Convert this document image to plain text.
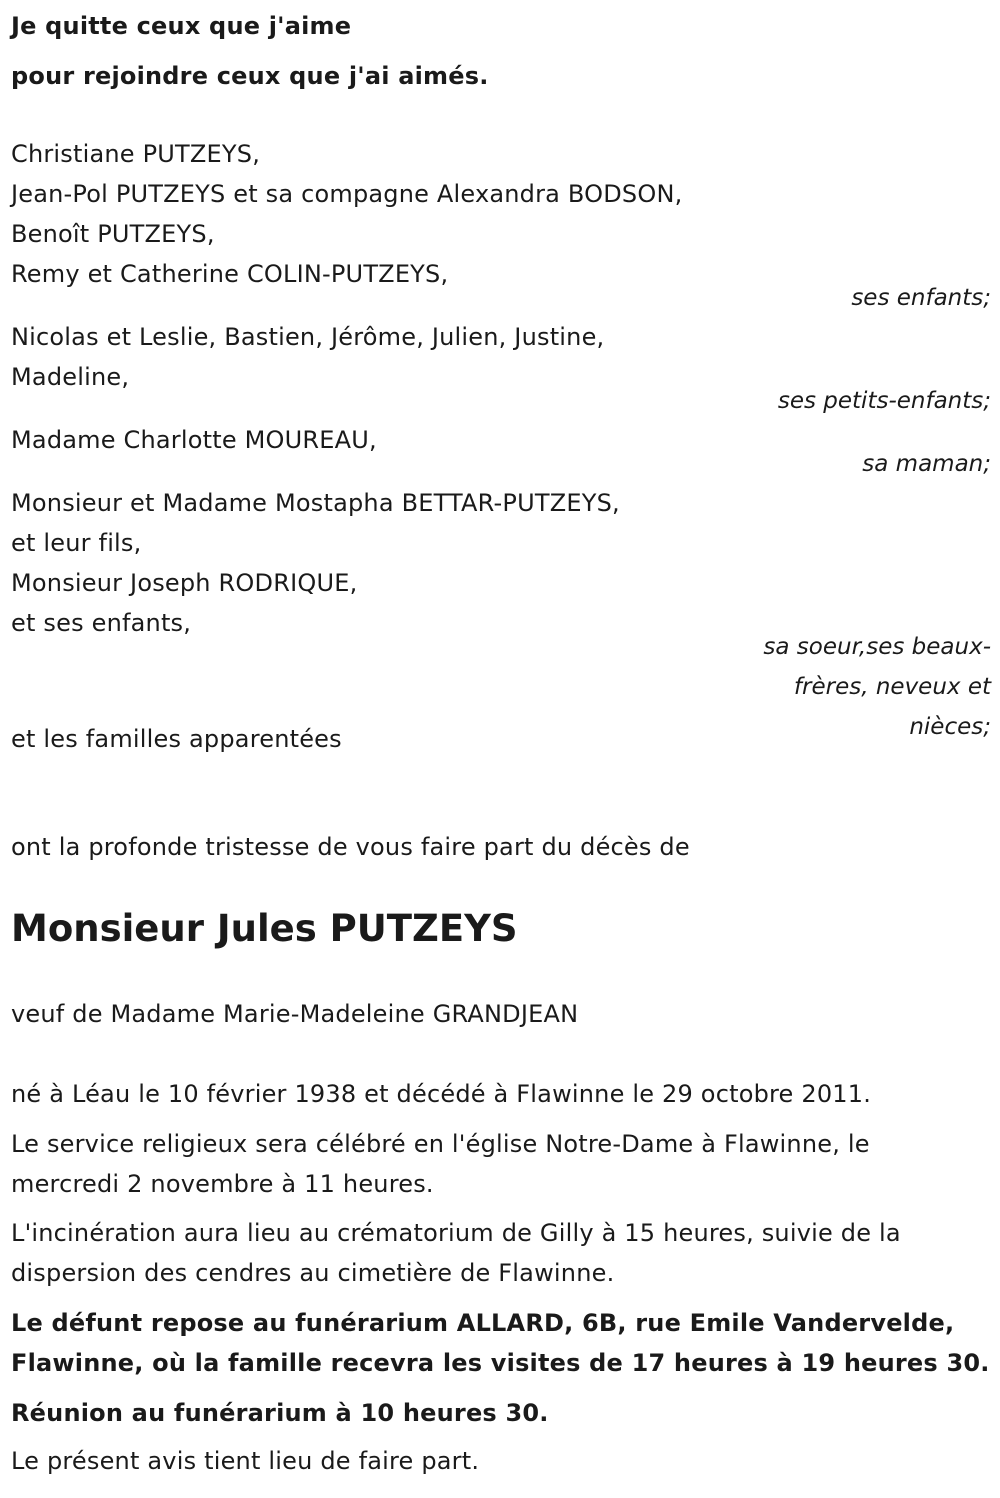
Je quitte ceux que j'aime
pour rejoindre ceux que j'ai aimés.
Christiane PUTZEYS,
Jean-Pol PUTZEYS et sa compagne Alexandra BODSON,
Benoît PUTZEYS,
Remy et Catherine COLIN-PUTZEYS,
ses enfants;
Nicolas et Leslie, Bastien, Jérôme, Julien, Justine,
Madeline,
ses petits-enfants;
Madame Charlotte MOUREAU,
sa maman;
Monsieur et Madame Mostapha BETTAR-PUTZEYS,
et leur fils,
Monsieur Joseph RODRIQUE,
et ses enfants,
sa soeur,ses beaux-
frères, neveux et
nièces;
et les familles apparentées
ont la profonde tristesse de vous faire part du décès de
Monsieur Jules PUTZEYS
veuf de Madame Marie-Madeleine GRANDJEAN
né à Léau le 10 février 1938 et décédé à Flawinne le 29 octobre 2011.
Le service religieux sera célébré en l'église Notre-Dame à Flawinne, le
mercredi 2 novembre à 11 heures.
L'incinération aura lieu au crématorium de Gilly à 15 heures, suivie de la
dispersion des cendres au cimetière de Flawinne.
Le défunt repose au funérarium ALLARD, 6B, rue Emile Vandervelde,
Flawinne, où la famille recevra les visites de 17 heures à 19 heures 30.
Réunion au funérarium à 10 heures 30.
Le présent avis tient lieu de faire part.
